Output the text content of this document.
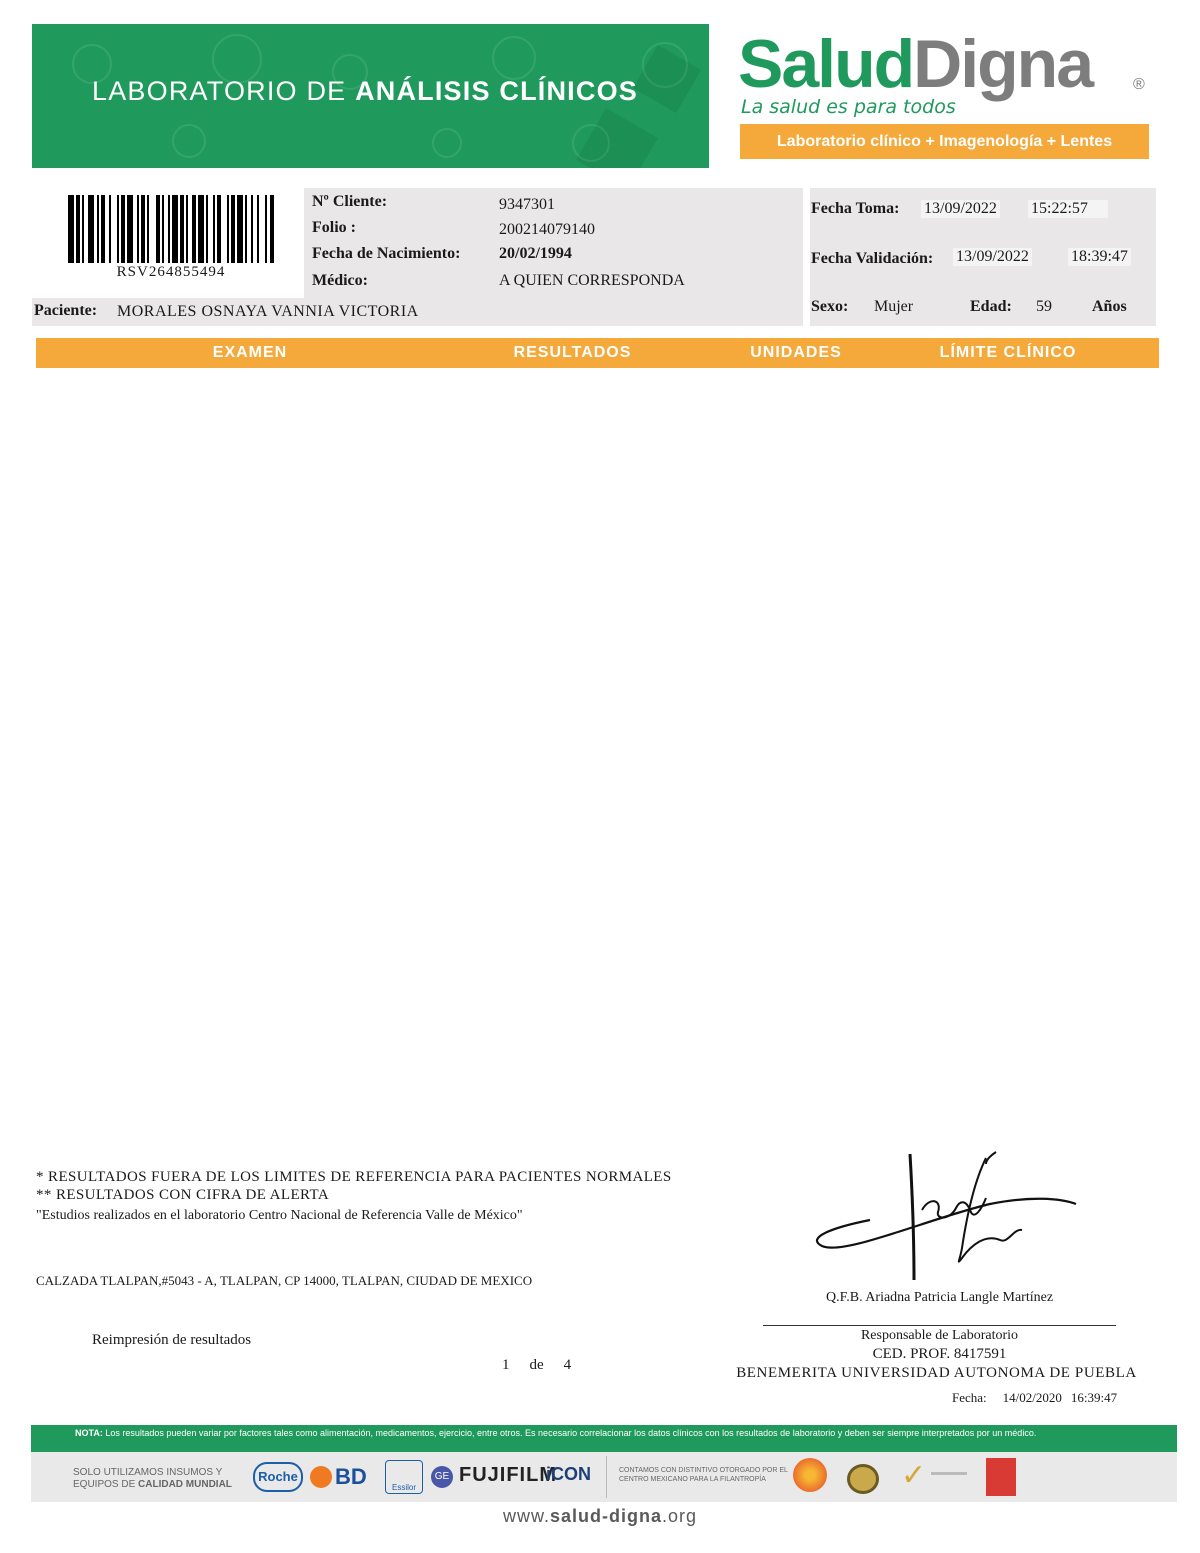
LABORATORIO DE ANÁLISIS CLÍNICOS SaludDigna	®
La salud es para todos
Laboratorio clínico + Imagenología + Lentes
RSV264855494
Nº Cliente:	9347301
Folio :	200214079140
Fecha de Nacimiento: 20/02/1994
Médico:	A QUIEN CORRESPONDA
Paciente: MORALES OSNAYA VANNIA VICTORIA
Fecha Toma: 13/09/2022 15:22:57
Fecha Validación: 13/09/2022	18:39:47
Sexo: Mujer	Edad: 59	Años
EXAMEN	RESULTADOS	UNIDADES	LÍMITE CLÍNICO
* RESULTADOS FUERA DE LOS LIMITES DE REFERENCIA PARA PACIENTES NORMALES
** RESULTADOS CON CIFRA DE ALERTA
"Estudios realizados en el laboratorio Centro Nacional de Referencia Valle de México"
CALZADA TLALPAN,#5043 - A, TLALPAN, CP 14000, TLALPAN, CIUDAD DE MEXICO
Reimpresión de resultados
1 de 4
Q.F.B. Ariadna Patricia Langle Martínez
Responsable de Laboratorio
CED. PROF. 8417591
BENEMERITA UNIVERSIDAD AUTONOMA DE PUEBLA
Fecha: 14/02/2020 16:39:47
NOTA: Los resultados pueden variar por factores tales como alimentación, medicamentos, ejercicio, entre otros. Es necesario correlacionar los datos clínicos con los resultados de laboratorio y deben ser siempre interpretados por un médico.
SOLO UTILIZAMOS INSUMOS Y
EQUIPOS DE CALIDAD MUNDIAL
Roche BD	Essilor
GE FUJIFILM
iCON	CONTAMOS CON DISTINTIVO OTORGADO POR EL CENTRO MEXICANO PARA LA FILANTROPÍA	✓
www.salud-digna.org
